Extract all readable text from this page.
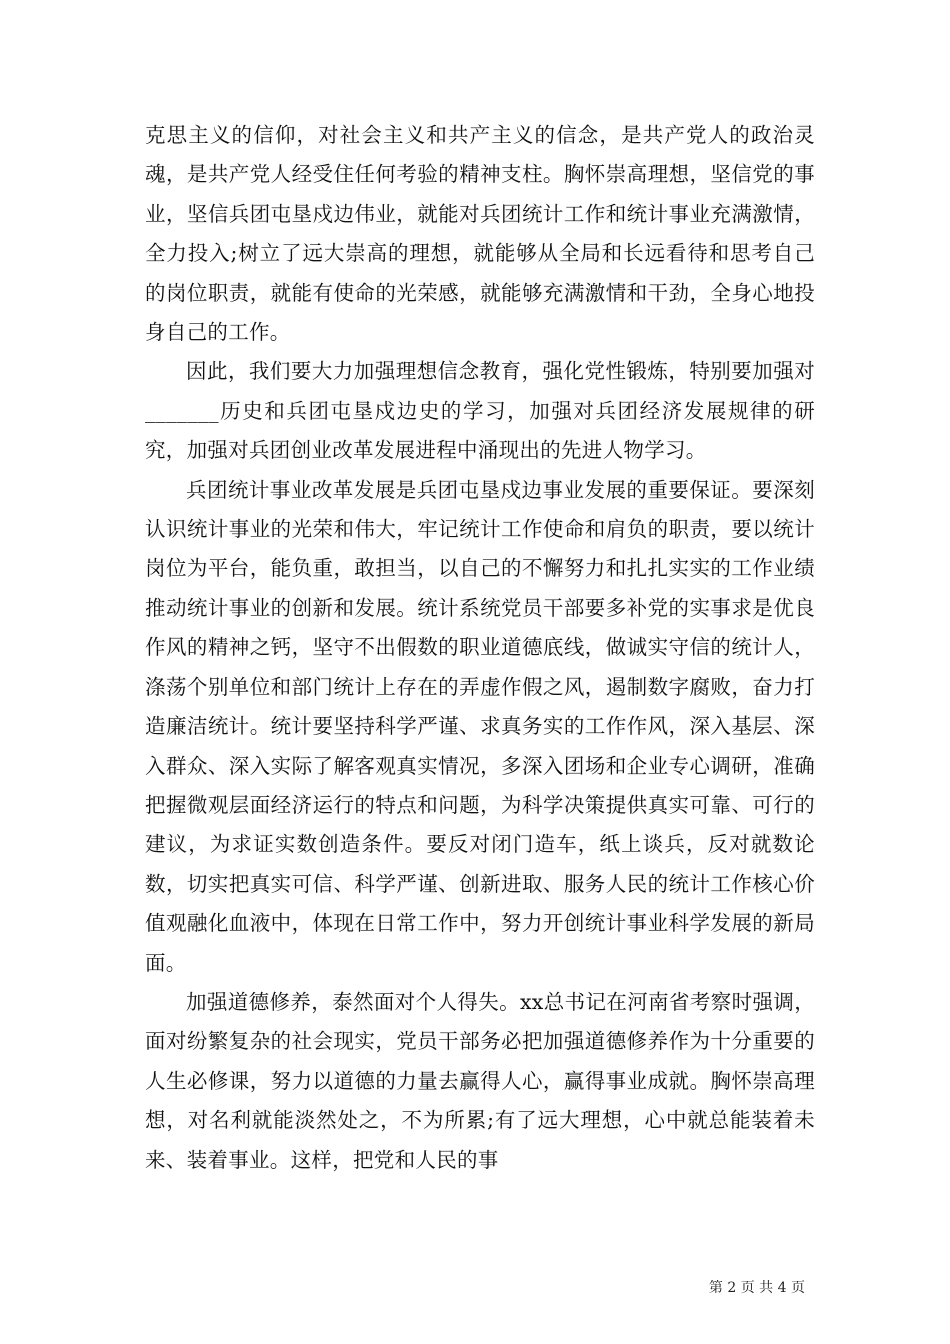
克思主义的信仰，对社会主义和共产主义的信念，是共产党人的政治灵魂，是共产党人经受住任何考验的精神支柱。胸怀崇高理想，坚信党的事业，坚信兵团屯垦戍边伟业，就能对兵团统计工作和统计事业充满激情，全力投入;树立了远大崇高的理想，就能够从全局和长远看待和思考自己的岗位职责，就能有使命的光荣感，就能够充满激情和干劲，全身心地投身自己的工作。

因此，我们要大力加强理想信念教育，强化党性锻炼，特别要加强对_______历史和兵团屯垦戍边史的学习，加强对兵团经济发展规律的研究，加强对兵团创业改革发展进程中涌现出的先进人物学习。

兵团统计事业改革发展是兵团屯垦戍边事业发展的重要保证。要深刻认识统计事业的光荣和伟大，牢记统计工作使命和肩负的职责，要以统计岗位为平台，能负重，敢担当，以自己的不懈努力和扎扎实实的工作业绩推动统计事业的创新和发展。统计系统党员干部要多补党的实事求是优良作风的精神之钙，坚守不出假数的职业道德底线，做诚实守信的统计人，涤荡个别单位和部门统计上存在的弄虚作假之风，遏制数字腐败，奋力打造廉洁统计。统计要坚持科学严谨、求真务实的工作作风，深入基层、深入群众、深入实际了解客观真实情况，多深入团场和企业专心调研，准确把握微观层面经济运行的特点和问题，为科学决策提供真实可靠、可行的建议，为求证实数创造条件。要反对闭门造车，纸上谈兵，反对就数论数，切实把真实可信、科学严谨、创新进取、服务人民的统计工作核心价值观融化血液中，体现在日常工作中，努力开创统计事业科学发展的新局面。

加强道德修养，泰然面对个人得失。xx总书记在河南省考察时强调，面对纷繁复杂的社会现实，党员干部务必把加强道德修养作为十分重要的人生必修课，努力以道德的力量去赢得人心，赢得事业成就。胸怀崇高理想，对名利就能淡然处之，不为所累;有了远大理想，心中就总能装着未来、装着事业。这样，把党和人民的事

第 2 页 共 4 页
